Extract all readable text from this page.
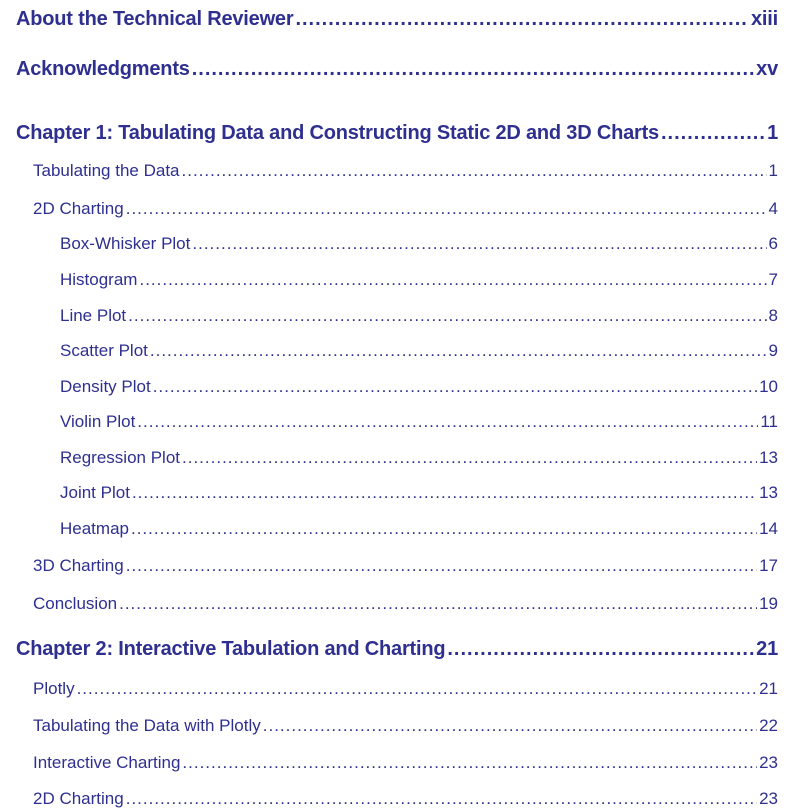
About the Technical Reviewer .....	xiii
Acknowledgments .....	xv
Chapter 1: Tabulating Data and Constructing Static 2D and 3D Charts .....	1
Tabulating the Data .....	1
2D Charting .....	4
Box-Whisker Plot .....	6
Histogram .....	7
Line Plot .....	8
Scatter Plot .....	9
Density Plot .....	10
Violin Plot .....	11
Regression Plot .....	13
Joint Plot .....	13
Heatmap .....	14
3D Charting .....	17
Conclusion .....	19
Chapter 2: Interactive Tabulation and Charting .....	21
Plotly .....	21
Tabulating the Data with Plotly .....	22
Interactive Charting .....	23
2D Charting .....	23
